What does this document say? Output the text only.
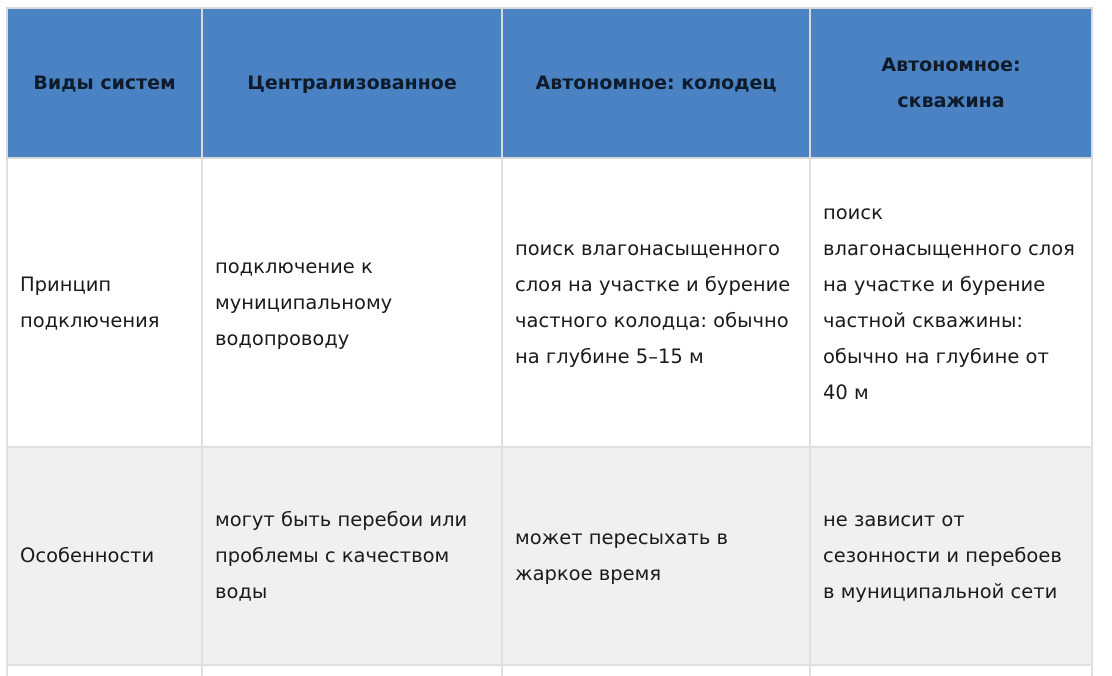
Виды систем	Централизованное	Автономное: колодец	Автономное: скважина
Принцип подключения	подключение к муниципальному водопроводу	поиск влагонасыщенного слоя на участке и бурение частного колодца: обычно на глубине 5–15 м	поиск влагонасыщенного слоя на участке и бурение частной скважины: обычно на глубине от 40 м
Особенности	могут быть перебои или проблемы с качеством воды	может пересыхать в жаркое время	не зависит от сезонности и перебоев в муниципальной сети
